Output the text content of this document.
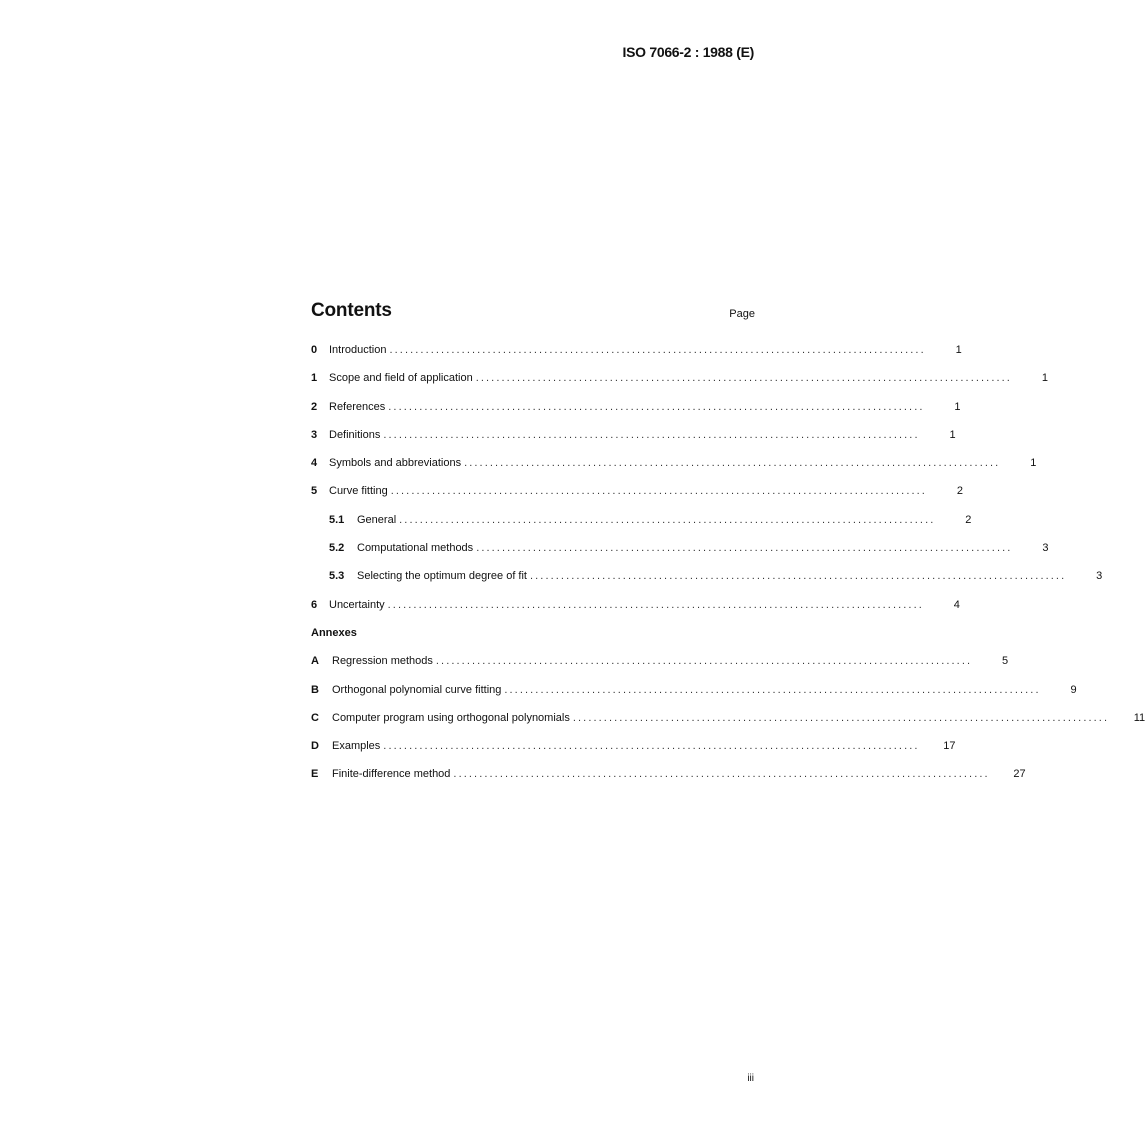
ISO 7066-2 : 1988 (E)
Contents	Page
0	Introduction ........................................................................................................	1
1	Scope and field of application ........................................................................................................	1
2	References ........................................................................................................	1
3	Definitions ........................................................................................................	1
4	Symbols and abbreviations ........................................................................................................	1
5	Curve fitting ........................................................................................................	2
5.1	General ........................................................................................................	2
5.2	Computational methods ........................................................................................................	3
5.3	Selecting the optimum degree of fit ........................................................................................................	3
6	Uncertainty ........................................................................................................	4
Annexes
A	Regression methods ........................................................................................................	5
B	Orthogonal polynomial curve fitting ........................................................................................................	9
C	Computer program using orthogonal polynomials ........................................................................................................	11
D	Examples ........................................................................................................	17
E	Finite-difference method ........................................................................................................	27
iii
